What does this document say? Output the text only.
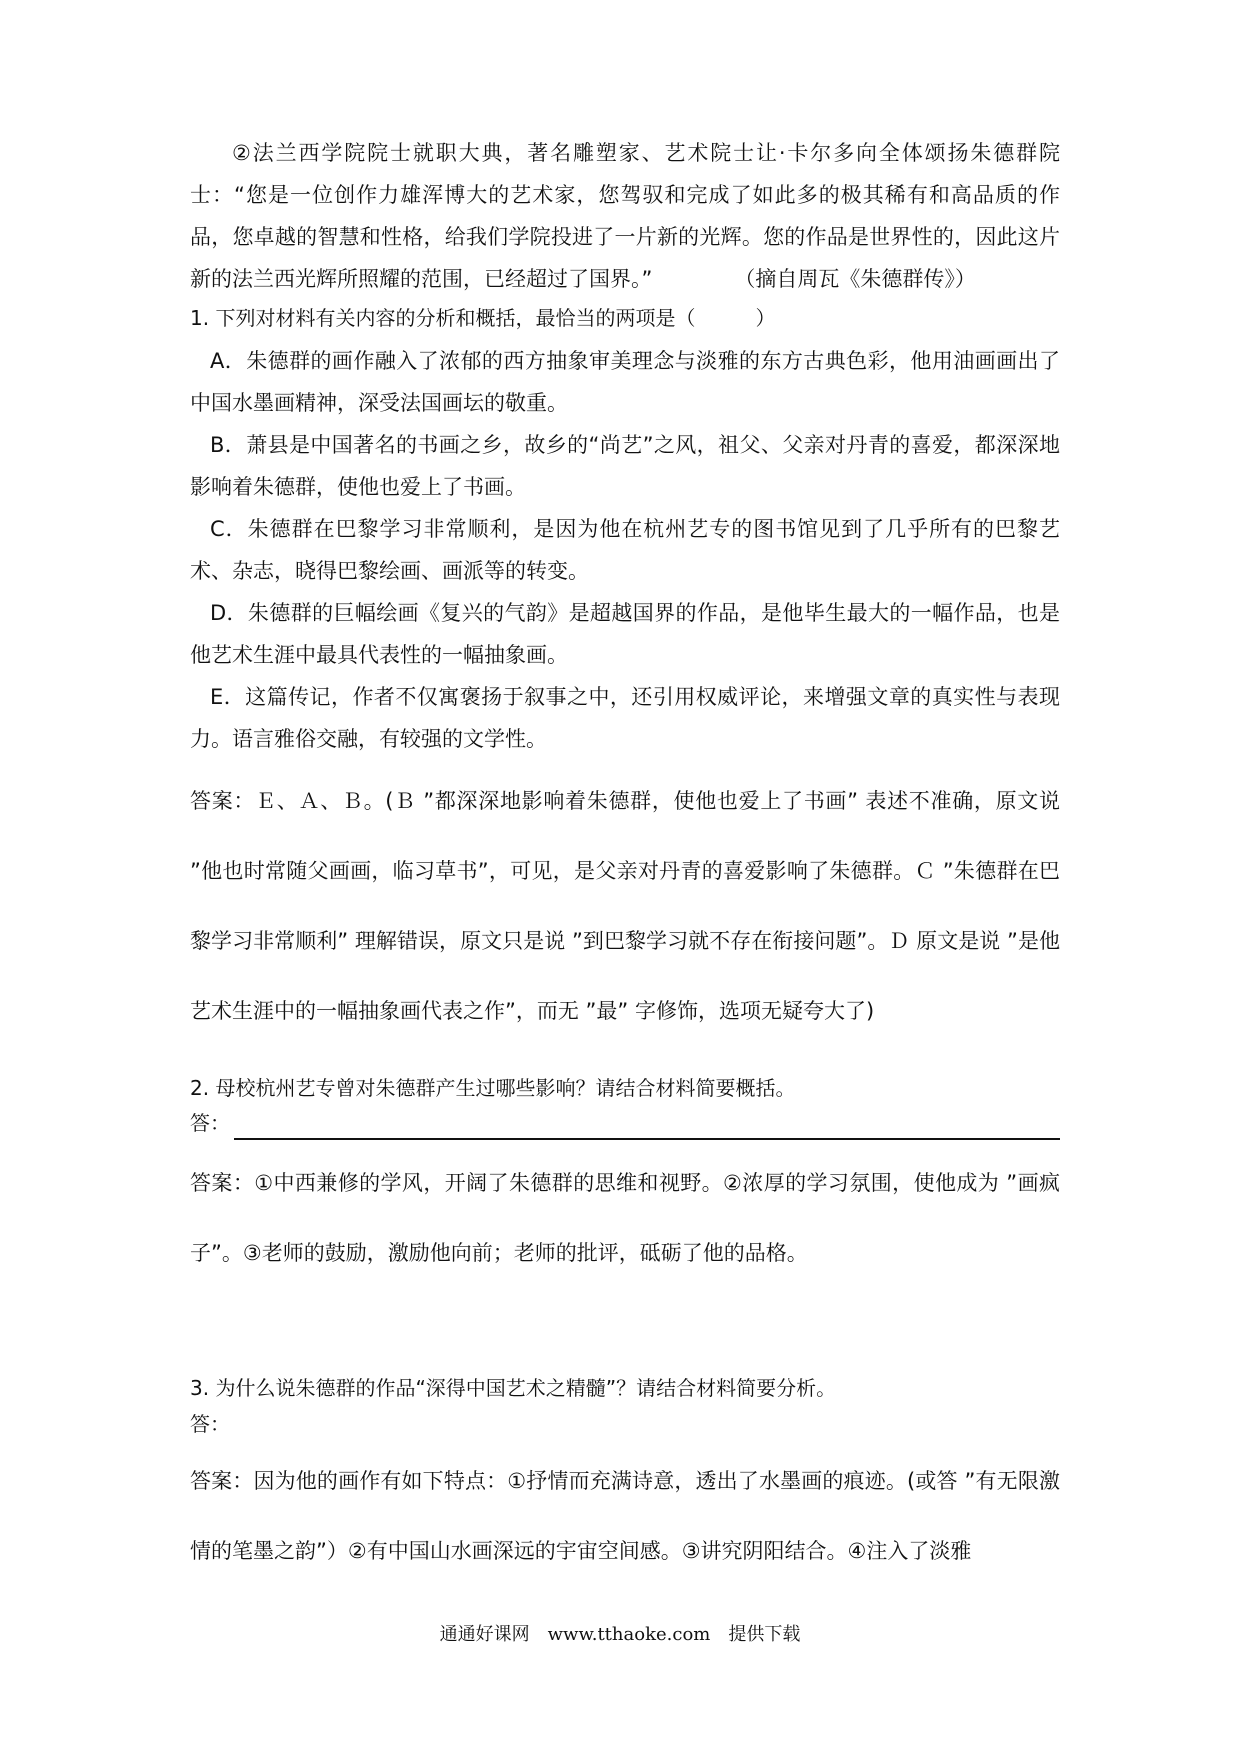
②法兰西学院院士就职大典，著名雕塑家、艺术院士让·卡尔多向全体颂扬朱德群院士：“您是一位创作力雄浑博大的艺术家，您驾驭和完成了如此多的极其稀有和高品质的作品，您卓越的智慧和性格，给我们学院投进了一片新的光辉。您的作品是世界性的，因此这片新的法兰西光辉所照耀的范围，已经超过了国界。”	（摘自周瓦《朱德群传》）

1. 下列对材料有关内容的分析和概括，最恰当的两项是（　　　）

A．朱德群的画作融入了浓郁的西方抽象审美理念与淡雅的东方古典色彩，他用油画画出了中国水墨画精神，深受法国画坛的敬重。

B．萧县是中国著名的书画之乡，故乡的“尚艺”之风，祖父、父亲对丹青的喜爱，都深深地影响着朱德群，使他也爱上了书画。

C．朱德群在巴黎学习非常顺利，是因为他在杭州艺专的图书馆见到了几乎所有的巴黎艺术、杂志，晓得巴黎绘画、画派等的转变。

D．朱德群的巨幅绘画《复兴的气韵》是超越国界的作品，是他毕生最大的一幅作品，也是他艺术生涯中最具代表性的一幅抽象画。

E．这篇传记，作者不仅寓褒扬于叙事之中，还引用权威评论，来增强文章的真实性与表现力。语言雅俗交融，有较强的文学性。

答案：Ｅ、Ａ、Ｂ。(Ｂ ”都深深地影响着朱德群，使他也爱上了书画” 表述不准确，原文说 ”他也时常随父画画，临习草书”，可见，是父亲对丹青的喜爱影响了朱德群。Ｃ ”朱德群在巴黎学习非常顺利” 理解错误，原文只是说 ”到巴黎学习就不存在衔接问题”。Ｄ 原文是说 ”是他艺术生涯中的一幅抽象画代表之作”，而无 ”最” 字修饰，选项无疑夸大了)

2. 母校杭州艺专曾对朱德群产生过哪些影响？请结合材料简要概括。

答：

答案：①中西兼修的学风，开阔了朱德群的思维和视野。②浓厚的学习氛围，使他成为 ”画疯子”。③老师的鼓励，激励他向前；老师的批评，砥砺了他的品格。

3. 为什么说朱德群的作品“深得中国艺术之精髓”？请结合材料简要分析。

答：

答案：因为他的画作有如下特点：①抒情而充满诗意，透出了水墨画的痕迹。(或答 ”有无限激情的笔墨之韵”）②有中国山水画深远的宇宙空间感。③讲究阴阳结合。④注入了淡雅

通通好课网　www.tthaoke.com　提供下载
